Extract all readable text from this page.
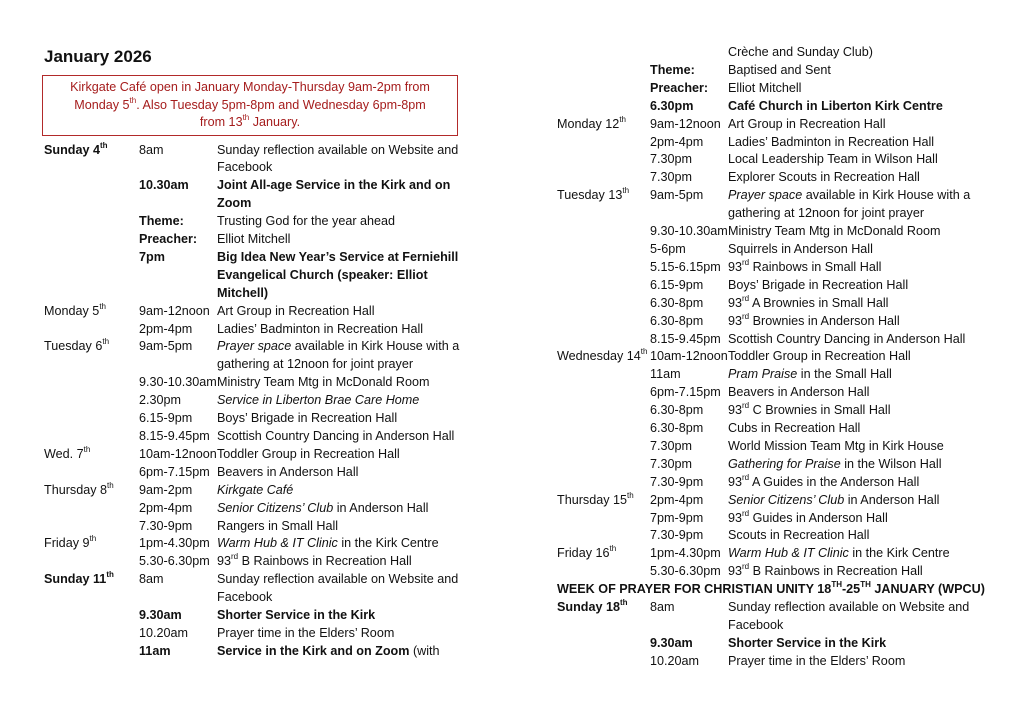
January 2026
Kirkgate Café open in January Monday-Thursday 9am-2pm from
Monday 5th. Also Tuesday 5pm-8pm and Wednesday 6pm-8pm
from 13th January.
Sunday 4th	8am	Sunday reflection available on Website and Facebook
10.30am	Joint All-age Service in the Kirk and on Zoom
Theme:	Trusting God for the year ahead
Preacher:	Elliot Mitchell
7pm	Big Idea New Year’s Service at Ferniehill Evangelical Church (speaker: Elliot Mitchell)
Monday 5th	9am-12noon Art Group in Recreation Hall
2pm-4pm	Ladies’ Badminton in Recreation Hall
Tuesday 6th	9am-5pm	Prayer space available in Kirk House with a gathering at 12noon for joint prayer
9.30-10.30am Ministry Team Mtg in McDonald Room
2.30pm	Service in Liberton Brae Care Home
6.15-9pm	Boys’ Brigade in Recreation Hall
8.15-9.45pm Scottish Country Dancing in Anderson Hall
Wed. 7th	10am-12noon Toddler Group in Recreation Hall
6pm-7.15pm Beavers in Anderson Hall
Thursday 8th	9am-2pm	Kirkgate Café
2pm-4pm	Senior Citizens’ Club in Anderson Hall
7.30-9pm	Rangers in Small Hall
Friday 9th	1pm-4.30pm Warm Hub & IT Clinic in the Kirk Centre
5.30-6.30pm 93rd B Rainbows in Recreation Hall
Sunday 11th	8am	Sunday reflection available on Website and Facebook
9.30am	Shorter Service in the Kirk
10.20am	Prayer time in the Elders’ Room
11am	Service in the Kirk and on Zoom (with
Crèche and Sunday Club)
Theme:	Baptised and Sent
Preacher:	Elliot Mitchell
6.30pm	Café Church in Liberton Kirk Centre
Monday 12th	9am-12noon Art Group in Recreation Hall
2pm-4pm	Ladies’ Badminton in Recreation Hall
7.30pm	Local Leadership Team in Wilson Hall
7.30pm	Explorer Scouts in Recreation Hall
Tuesday 13th	9am-5pm	Prayer space available in Kirk House with a gathering at 12noon for joint prayer
9.30-10.30am Ministry Team Mtg in McDonald Room
5-6pm	Squirrels in Anderson Hall
5.15-6.15pm 93rd Rainbows in Small Hall
6.15-9pm	Boys’ Brigade in Recreation Hall
6.30-8pm	93rd A Brownies in Small Hall
6.30-8pm	93rd Brownies in Anderson Hall
8.15-9.45pm Scottish Country Dancing in Anderson Hall
Wednesday 14th 10am-12noon Toddler Group in Recreation Hall
11am	Pram Praise in the Small Hall
6pm-7.15pm Beavers in Anderson Hall
6.30-8pm	93rd C Brownies in Small Hall
6.30-8pm	Cubs in Recreation Hall
7.30pm	World Mission Team Mtg in Kirk House
7.30pm	Gathering for Praise in the Wilson Hall
7.30-9pm	93rd A Guides in the Anderson Hall
Thursday 15th	2pm-4pm	Senior Citizens’ Club in Anderson Hall
7pm-9pm	93rd Guides in Anderson Hall
7.30-9pm	Scouts in Recreation Hall
Friday 16th	1pm-4.30pm Warm Hub & IT Clinic in the Kirk Centre
5.30-6.30pm 93rd B Rainbows in Recreation Hall
WEEK OF PRAYER FOR CHRISTIAN UNITY 18TH-25TH JANUARY (WPCU)
Sunday 18th	8am	Sunday reflection available on Website and Facebook
9.30am	Shorter Service in the Kirk
10.20am	Prayer time in the Elders’ Room
